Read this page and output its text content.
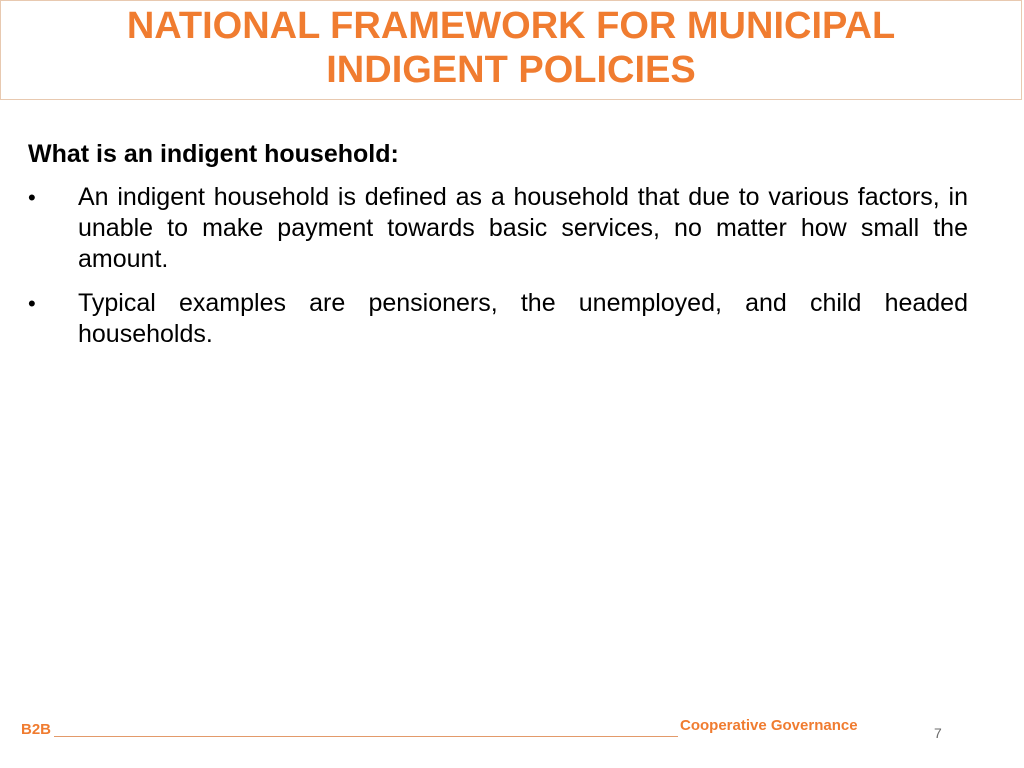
NATIONAL FRAMEWORK FOR MUNICIPAL
INDIGENT POLICIES
What is an indigent household:
•	An indigent household is defined as a household that due to various factors, in unable to make payment towards basic services, no matter how small the amount.
•	Typical examples are pensioners, the unemployed, and child headed households.
B2B	Cooperative Governance	7
